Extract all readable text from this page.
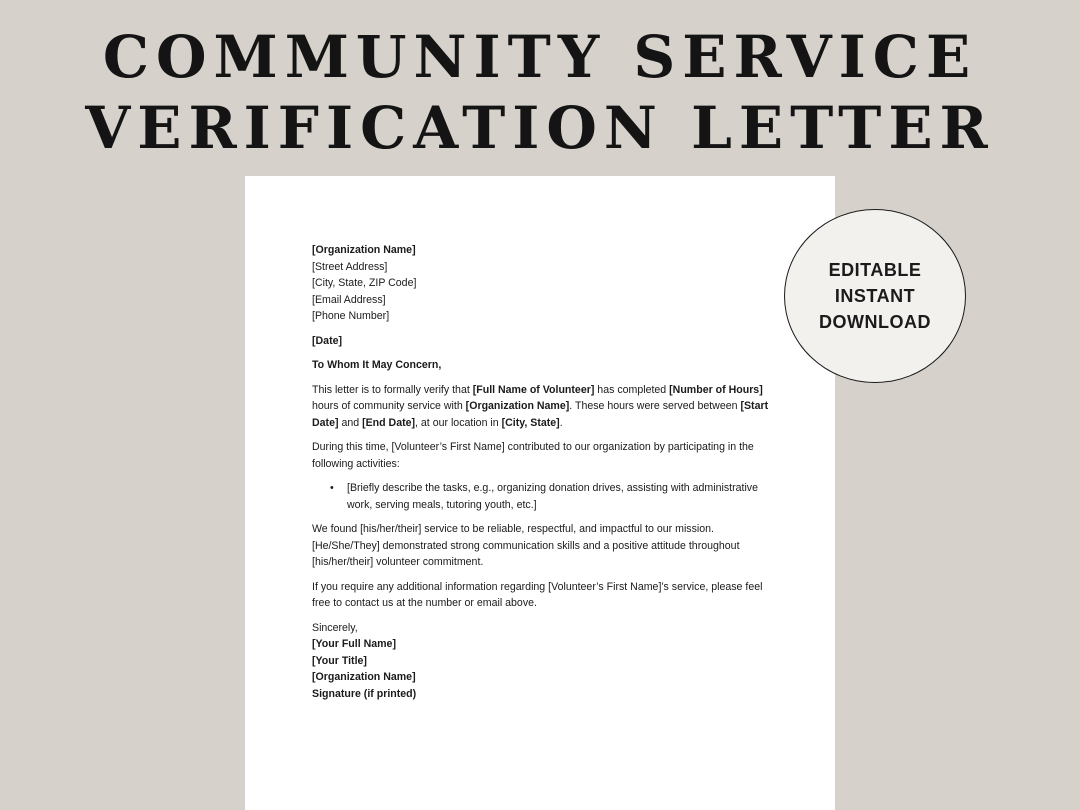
COMMUNITY SERVICE
VERIFICATION LETTER

[Organization Name]

[Street Address]

[City, State, ZIP Code]

[Email Address]

[Phone Number]

[Date]

To Whom It May Concern,

This letter is to formally verify that [Full Name of Volunteer] has completed [Number of Hours] hours of community service with [Organization Name]. These hours were served between [Start Date] and [End Date], at our location in [City, State].

During this time, [Volunteer’s First Name] contributed to our organization by participating in the following activities:

• [Briefly describe the tasks, e.g., organizing donation drives, assisting with administrative work, serving meals, tutoring youth, etc.]

We found [his/her/their] service to be reliable, respectful, and impactful to our mission. [He/She/They] demonstrated strong communication skills and a positive attitude throughout [his/her/their] volunteer commitment.

If you require any additional information regarding [Volunteer’s First Name]’s service, please feel free to contact us at the number or email above.

Sincerely,

[Your Full Name]

[Your Title]

[Organization Name]

Signature (if printed)

EDITABLE
INSTANT
DOWNLOAD
